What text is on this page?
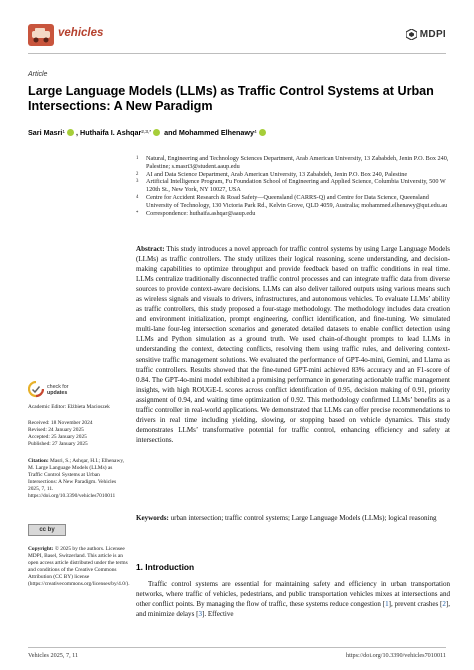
vehicles	MDPI
Article
Large Language Models (LLMs) as Traffic Control Systems at Urban Intersections: A New Paradigm
Sari Masri 1 , Huthaifa I. Ashqar 2,3,*
and Mohammed Elhenawy 4
1	Natural, Engineering and Technology Sciences Department, Arab American University, 13 Zababdeh, Jenin P.O. Box 240, Palestine; s.masri3@student.aaup.edu
2	AI and Data Science Department, Arab American University, 13 Zababdeh, Jenin P.O. Box 240, Palestine
3	Artificial Intelligence Program, Fu Foundation School of Engineering and Applied Science, Columbia University, 500 W 120th St., New York, NY 10027, USA
4	Centre for Accident Research & Road Safety—Queensland (CARRS-Q) and Centre for Data Science, Queensland University of Technology, 130 Victoria Park Rd., Kelvin Grove, QLD 4059, Australia; mohammed.elhenawy@qut.edu.au
*	Correspondence: huthaifa.ashqar@aaup.edu
Abstract: This study introduces a novel approach for traffic control systems by using Large Language Models (LLMs) as traffic controllers. The study utilizes their logical reasoning, scene understanding, and decision-making capabilities to optimize throughput and provide feedback based on traffic conditions in real time. LLMs centralize traditionally disconnected traffic control processes and can integrate traffic data from diverse sources to provide context-aware decisions. LLMs can also deliver tailored outputs using various means such as wireless signals and visuals to drivers, infrastructures, and autonomous vehicles. To evaluate LLMs’ ability as traffic controllers, this study proposed a four-stage methodology. The methodology includes data creation and environment initialization, prompt engineering, conflict identification, and fine-tuning. We simulated multi-lane four-leg intersection scenarios and generated detailed datasets to enable conflict detection using LLMs and Python simulation as a ground truth. We used chain-of-thought prompts to lead LLMs in understanding the context, detecting conflicts, resolving them using traffic rules, and delivering context-sensitive traffic management solutions. We evaluated the performance of GPT-4o-mini, Gemini, and Llama as traffic controllers. Results showed that the fine-tuned GPT-mini achieved 83% accuracy and an F1-score of 0.84. The GPT-4o-mini model exhibited a promising performance in generating actionable traffic management insights, with high ROUGE-L scores across conflict identification of 0.95, decision making of 0.91, priority assignment of 0.94, and waiting time optimization of 0.92. This methodology confirmed LLMs’ benefits as a traffic controller in real-world applications. We demonstrated that LLMs can offer precise recommendations to drivers in real time including yielding, slowing, or stopping based on vehicle dynamics. This study demonstrates LLMs’ transformative potential for traffic control, enhancing efficiency and safety at intersections.
Keywords: urban intersection; traffic control systems; Large Language Models (LLMs); logical reasoning
1. Introduction
Traffic control systems are essential for maintaining safety and efficiency in urban transportation networks, where traffic of vehicles, pedestrians, and public transportation vehicles mixes at intersections and other conflict points. By managing the flow of traffic, these systems reduce congestion [1], prevent crashes [2], and minimize delays [3]. Effective
check for
updates
Academic Editor: Elżbieta Macioszek
Received: 18 November 2024
Revised: 24 January 2025
Accepted: 25 January 2025
Published: 27 January 2025
Citation: Masri, S.; Ashqar, H.I.; Elhenawy, M. Large Language Models (LLMs) as Traffic Control Systems at Urban Intersections: A New Paradigm. Vehicles 2025, 7, 11. https://doi.org/10.3390/vehicles7010011
cc by
Copyright: © 2025 by the authors. Licensee MDPI, Basel, Switzerland. This article is an open access article distributed under the terms and conditions of the Creative Commons Attribution (CC BY) license (https://creativecommons.org/licenses/by/4.0/).
Vehicles 2025, 7, 11	https://doi.org/10.3390/vehicles7010011
